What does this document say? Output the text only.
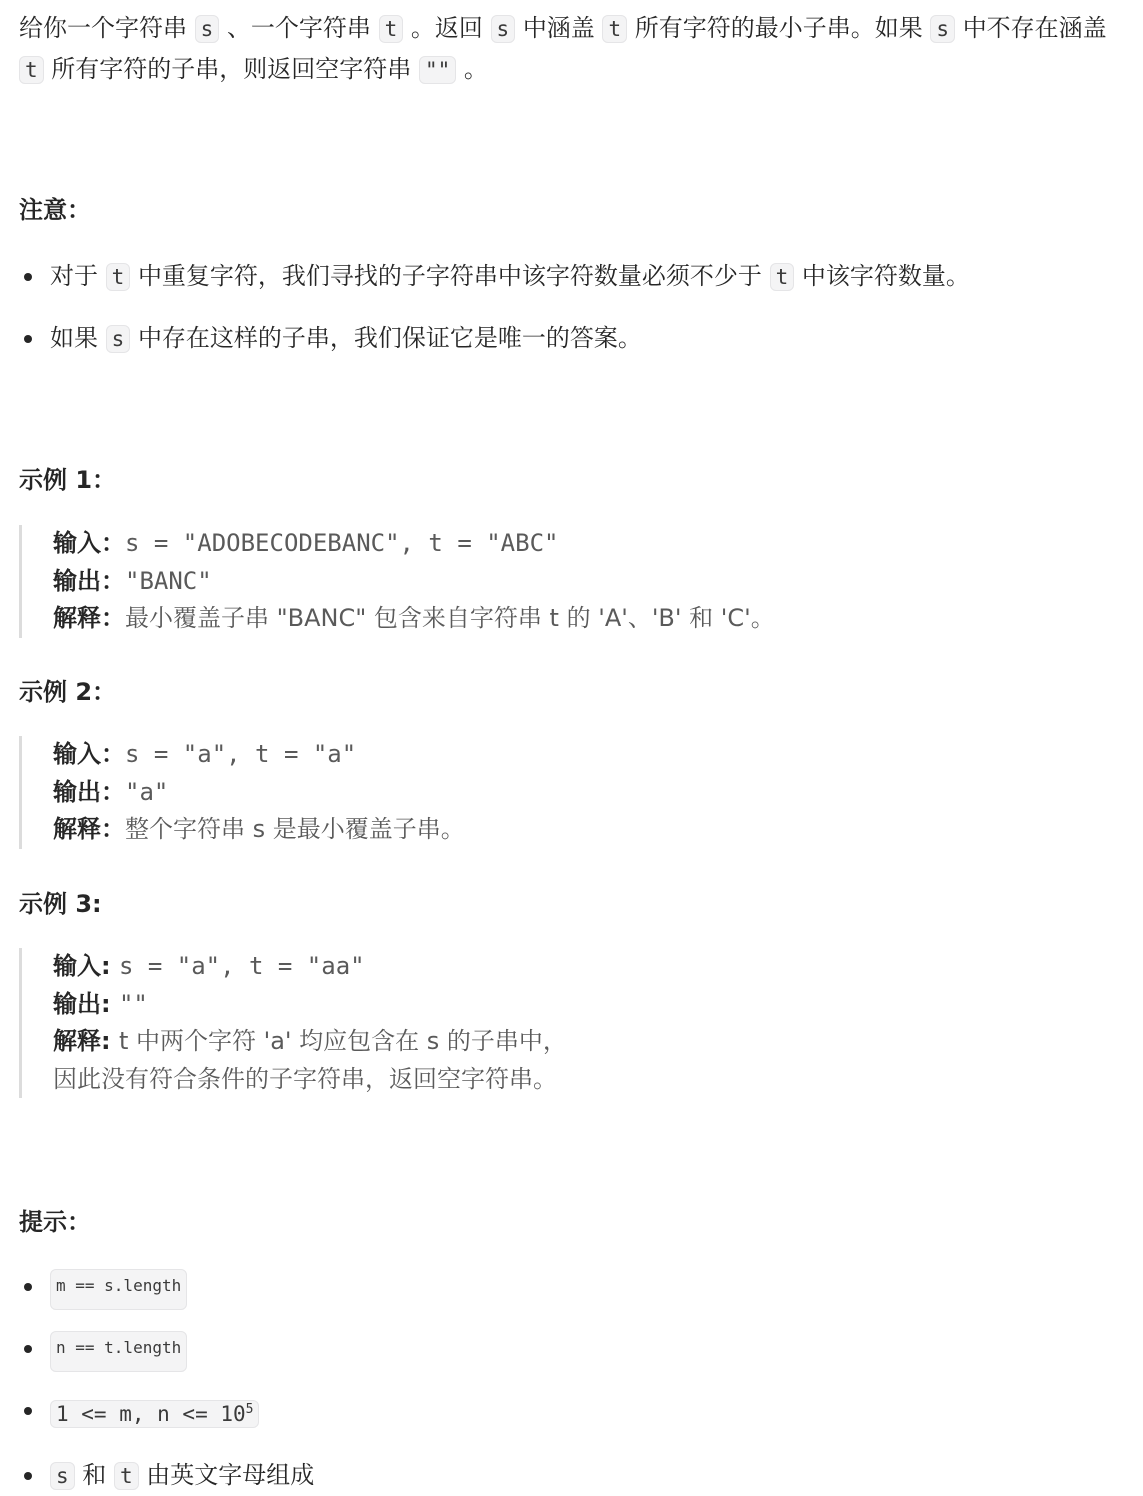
给你一个字符串 s 、一个字符串 t 。返回 s 中涵盖 t 所有字符的最小子串。如果 s 中不存在涵盖 t 所有字符的子串，则返回空字符串 "" 。

注意：
对于 t 中重复字符，我们寻找的子字符串中该字符数量必须不少于 t 中该字符数量。
如果 s 中存在这样的子串，我们保证它是唯一的答案。
示例 1：
输入：s = "ADOBECODEBANC", t = "ABC"
输出："BANC"
解释：最小覆盖子串 "BANC" 包含来自字符串 t 的 'A'、'B' 和 'C'。
示例 2：
输入：s = "a", t = "a"
输出："a"
解释：整个字符串 s 是最小覆盖子串。
示例 3:
输入: s = "a", t = "aa"
输出: ""
解释: t 中两个字符 'a' 均应包含在 s 的子串中，
因此没有符合条件的子字符串，返回空字符串。
提示：
$^{m == s.length}$
$^{n == t.length}$
1 <= m, $n <= 10^5$
s 和 t 由英文字母组成
